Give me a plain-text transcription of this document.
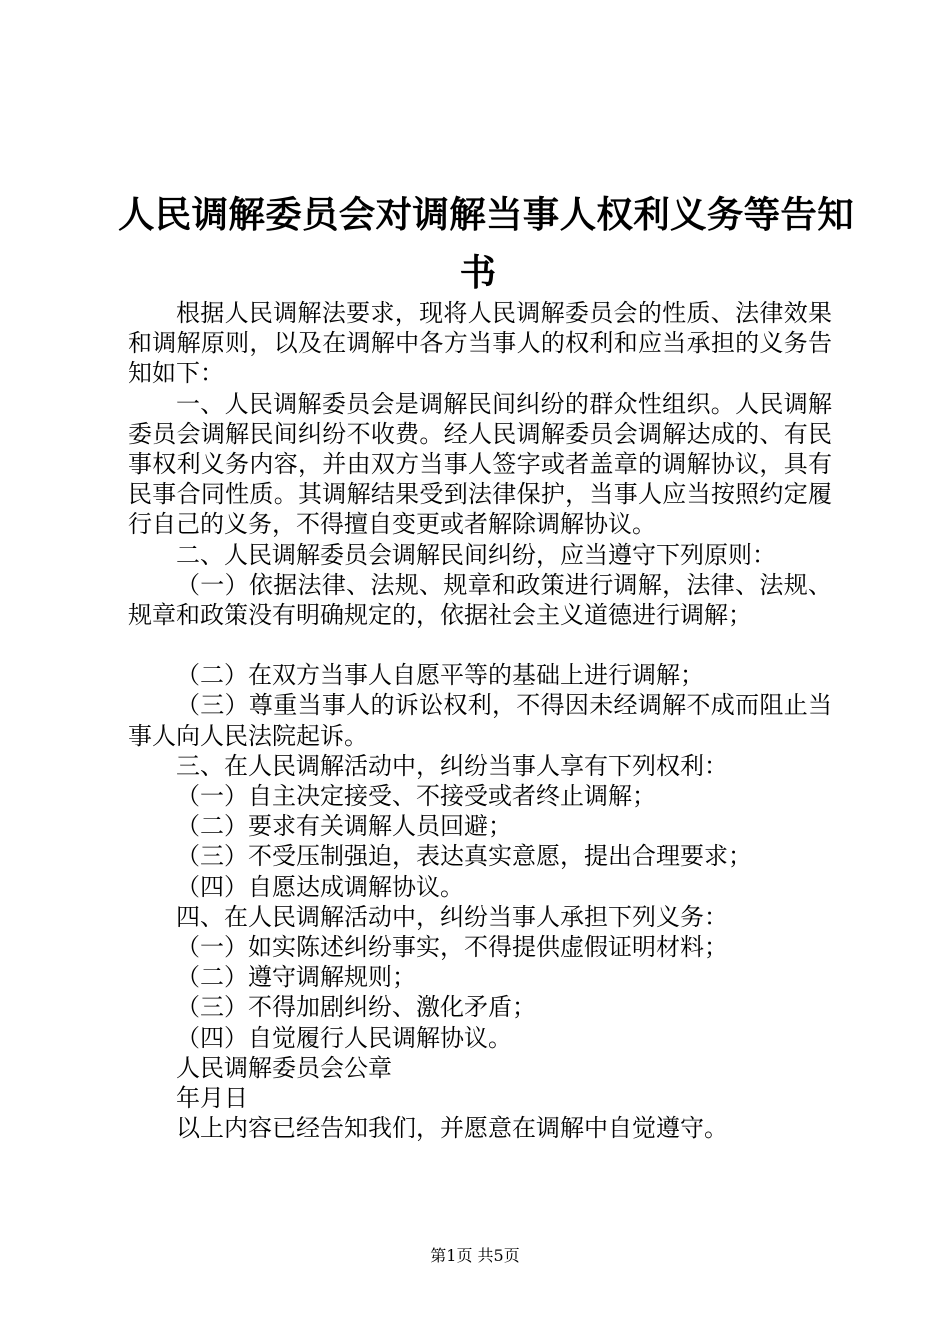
人民调解委员会对调解当事人权利义务等告知
书

根据人民调解法要求，现将人民调解委员会的性质、法律效果和调解原则，以及在调解中各方当事人的权利和应当承担的义务告知如下：

一、人民调解委员会是调解民间纠纷的群众性组织。人民调解委员会调解民间纠纷不收费。经人民调解委员会调解达成的、有民事权利义务内容，并由双方当事人签字或者盖章的调解协议，具有民事合同性质。其调解结果受到法律保护，当事人应当按照约定履行自己的义务，不得擅自变更或者解除调解协议。

二、人民调解委员会调解民间纠纷，应当遵守下列原则：

（一）依据法律、法规、规章和政策进行调解，法律、法规、规章和政策没有明确规定的，依据社会主义道德进行调解；

（二）在双方当事人自愿平等的基础上进行调解；

（三）尊重当事人的诉讼权利，不得因未经调解不成而阻止当事人向人民法院起诉。

三、在人民调解活动中，纠纷当事人享有下列权利：

（一）自主决定接受、不接受或者终止调解；

（二）要求有关调解人员回避；

（三）不受压制强迫，表达真实意愿，提出合理要求；

（四）自愿达成调解协议。

四、在人民调解活动中，纠纷当事人承担下列义务：

（一）如实陈述纠纷事实，不得提供虚假证明材料；

（二）遵守调解规则；

（三）不得加剧纠纷、激化矛盾；

（四）自觉履行人民调解协议。

人民调解委员会公章

年月日

以上内容已经告知我们，并愿意在调解中自觉遵守。

第1页 共5页
